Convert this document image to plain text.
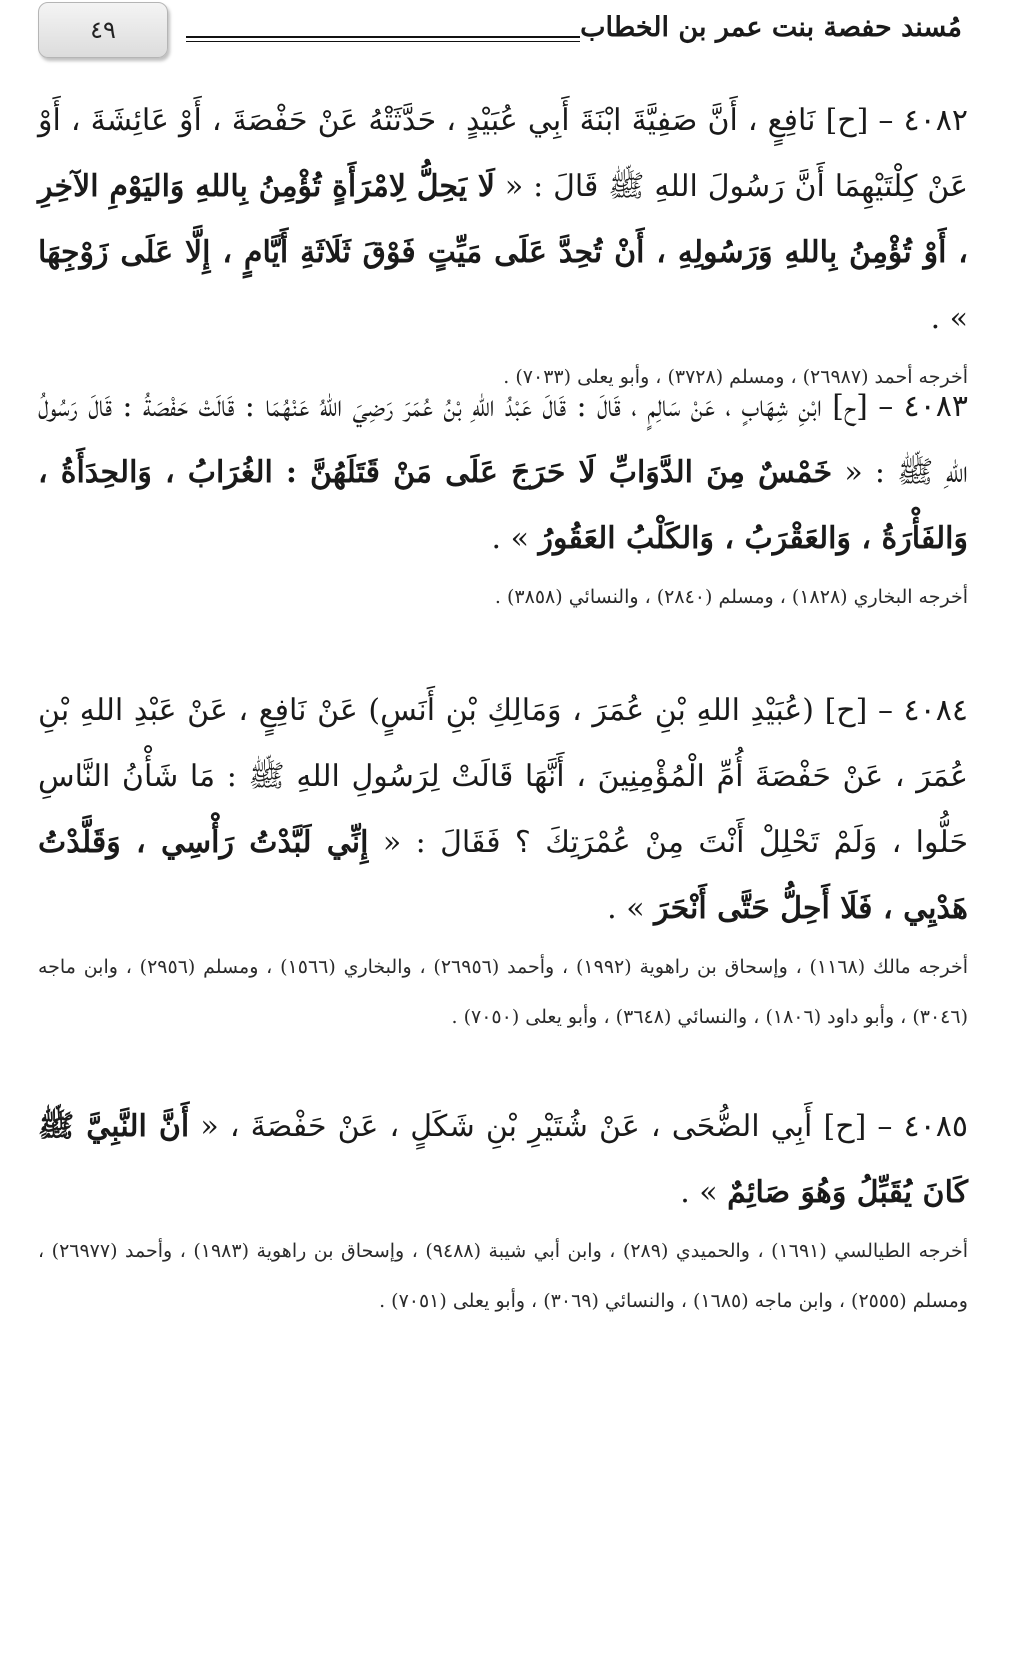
٤٩	مُسند حفصة بنت عمر بن الخطاب

٤٠٨٢ – [ح] نَافِعٍ ، أَنَّ صَفِيَّةَ ابْنَةَ أَبِي عُبَيْدٍ ، حَدَّثَتْهُ عَنْ حَفْصَةَ ، أَوْ عَائِشَةَ ، أَوْ عَنْ كِلْتَيْهِمَا أَنَّ رَسُولَ اللهِ ﷺ قَالَ : « لَا يَحِلُّ لِامْرَأَةٍ تُؤْمِنُ بِاللهِ وَاليَوْمِ الآخِرِ ، أَوْ تُؤْمِنُ بِاللهِ وَرَسُولِهِ ، أَنْ تُحِدَّ عَلَى مَيِّتٍ فَوْقَ ثَلَاثَةِ أَيَّامٍ ، إِلَّا عَلَى زَوْجِهَا » .

أخرجه أحمد (٢٦٩٨٧) ، ومسلم (٣٧٢٨) ، وأبو يعلى (٧٠٣٣) .

٤٠٨٣ – [ح] ابْنِ شِهَابٍ ، عَنْ سَالِمٍ ، قَالَ : قَالَ عَبْدُ اللهِ بْنُ عُمَرَ رَضِيَ اللهُ عَنْهُمَا : قَالَتْ حَفْصَةُ : قَالَ رَسُولُ اللهِ ﷺ : « خَمْسٌ مِنَ الدَّوَابِّ لَا حَرَجَ عَلَى مَنْ قَتَلَهُنَّ : الغُرَابُ ، وَالحِدَأَةُ ، وَالفَأْرَةُ ، وَالعَقْرَبُ ، وَالكَلْبُ العَقُورُ » .

أخرجه البخاري (١٨٢٨) ، ومسلم (٢٨٤٠) ، والنسائي (٣٨٥٨) .

٤٠٨٤ – [ح] (عُبَيْدِ اللهِ بْنِ عُمَرَ ، وَمَالِكِ بْنِ أَنَسٍ) عَنْ نَافِعٍ ، عَنْ عَبْدِ اللهِ بْنِ عُمَرَ ، عَنْ حَفْصَةَ أُمِّ الْمُؤْمِنِينَ ، أَنَّهَا قَالَتْ لِرَسُولِ اللهِ ﷺ : مَا شَأْنُ النَّاسِ حَلُّوا ، وَلَمْ تَحْلِلْ أَنْتَ مِنْ عُمْرَتِكَ ؟ فَقَالَ : « إِنِّي لَبَّدْتُ رَأْسِي ، وَقَلَّدْتُ هَدْيِي ، فَلَا أَحِلُّ حَتَّى أَنْحَرَ » .

أخرجه مالك (١١٦٨) ، وإسحاق بن راهوية (١٩٩٢) ، وأحمد (٢٦٩٥٦) ، والبخاري (١٥٦٦) ، ومسلم (٢٩٥٦) ، وابن ماجه (٣٠٤٦) ، وأبو داود (١٨٠٦) ، والنسائي (٣٦٤٨) ، وأبو يعلى (٧٠٥٠) .

٤٠٨٥ – [ح] أَبِي الضُّحَى ، عَنْ شُتَيْرِ بْنِ شَكَلٍ ، عَنْ حَفْصَةَ ، « أَنَّ النَّبِيَّ ﷺ كَانَ يُقَبِّلُ وَهُوَ صَائِمٌ » .

أخرجه الطيالسي (١٦٩١) ، والحميدي (٢٨٩) ، وابن أبي شيبة (٩٤٨٨) ، وإسحاق بن راهوية (١٩٨٣) ، وأحمد (٢٦٩٧٧) ، ومسلم (٢٥٥٥) ، وابن ماجه (١٦٨٥) ، والنسائي (٣٠٦٩) ، وأبو يعلى (٧٠٥١) .
